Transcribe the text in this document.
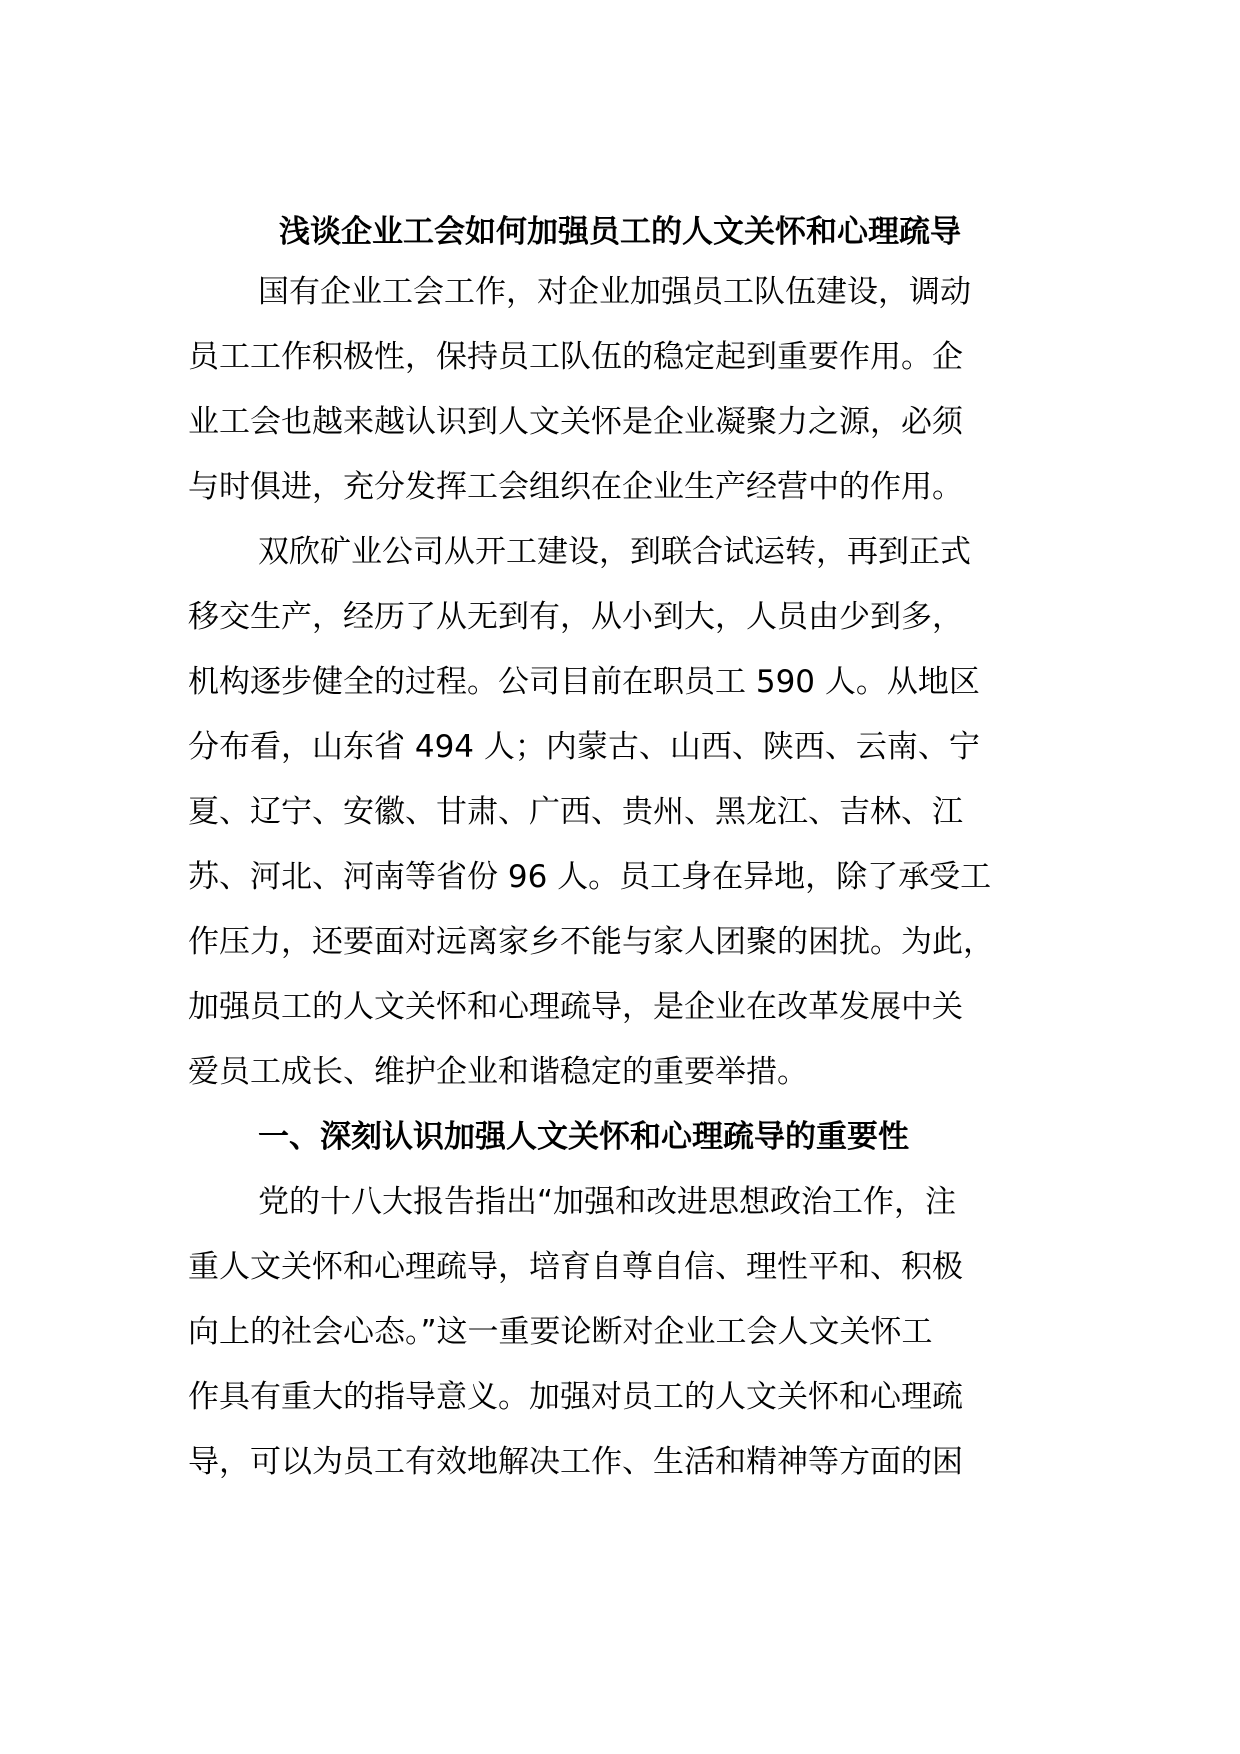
浅谈企业工会如何加强员工的人文关怀和心理疏导

国有企业工会工作，对企业加强员工队伍建设，调动
员工工作积极性，保持员工队伍的稳定起到重要作用。企
业工会也越来越认识到人文关怀是企业凝聚力之源，必须
与时俱进，充分发挥工会组织在企业生产经营中的作用。

双欣矿业公司从开工建设，到联合试运转，再到正式
移交生产，经历了从无到有，从小到大，人员由少到多，
机构逐步健全的过程。公司目前在职员工 590 人。从地区
分布看，山东省 494 人；内蒙古、山西、陕西、云南、宁
夏、辽宁、安徽、甘肃、广西、贵州、黑龙江、吉林、江
苏、河北、河南等省份 96 人。员工身在异地，除了承受工
作压力，还要面对远离家乡不能与家人团聚的困扰。为此，
加强员工的人文关怀和心理疏导，是企业在改革发展中关
爱员工成长、维护企业和谐稳定的重要举措。

一、深刻认识加强人文关怀和心理疏导的重要性

党的十八大报告指出“加强和改进思想政治工作，注
重人文关怀和心理疏导，培育自尊自信、理性平和、积极
向上的社会心态。”这一重要论断对企业工会人文关怀工
作具有重大的指导意义。加强对员工的人文关怀和心理疏
导，可以为员工有效地解决工作、生活和精神等方面的困
